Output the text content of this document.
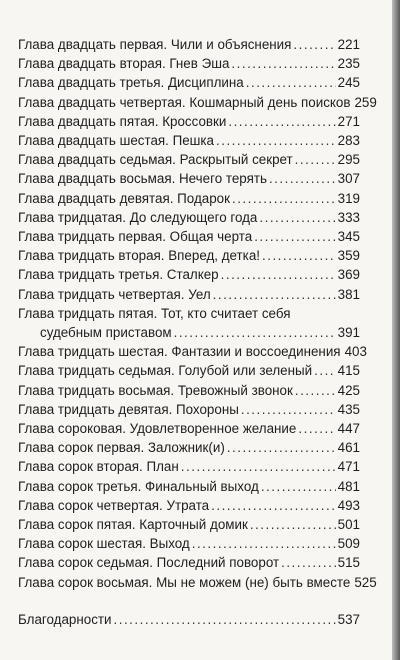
Глава двадцать первая. Чили и объяснения .....	221
Глава двадцать вторая. Гнев Эша .....	235
Глава двадцать третья. Дисциплина .....	245
Глава двадцать четвертая. Кошмарный день поисков 259
Глава двадцать пятая. Кроссовки .....	271
Глава двадцать шестая. Пешка .....	283
Глава двадцать седьмая. Раскрытый секрет .....	295
Глава двадцать восьмая. Нечего терять .....	307
Глава двадцать девятая. Подарок .....	319
Глава тридцатая. До следующего года .....	333
Глава тридцать первая. Общая черта .....	345
Глава тридцать вторая. Вперед, детка! .....	359
Глава тридцать третья. Сталкер .....	369
Глава тридцать четвертая. Уел .....	381
Глава тридцать пятая. Тот, кто считает себя
судебным приставом .....	391
Глава тридцать шестая. Фантазии и воссоединения 403
Глава тридцать седьмая. Голубой или зеленый ..... 415
Глава тридцать восьмая. Тревожный звонок .....	425
Глава тридцать девятая. Похороны .....	435
Глава сороковая. Удовлетворенное желание .....	447
Глава сорок первая. Заложник(и) .....	461
Глава сорок вторая. План .....	471
Глава сорок третья. Финальный выход .....	481
Глава сорок четвертая. Утрата .....	493
Глава сорок пятая. Карточный домик .....	501
Глава сорок шестая. Выход .....	509
Глава сорок седьмая. Последний поворот .....	515
Глава сорок восьмая. Мы не можем (не) быть вместе 525
Благодарности .....	537
